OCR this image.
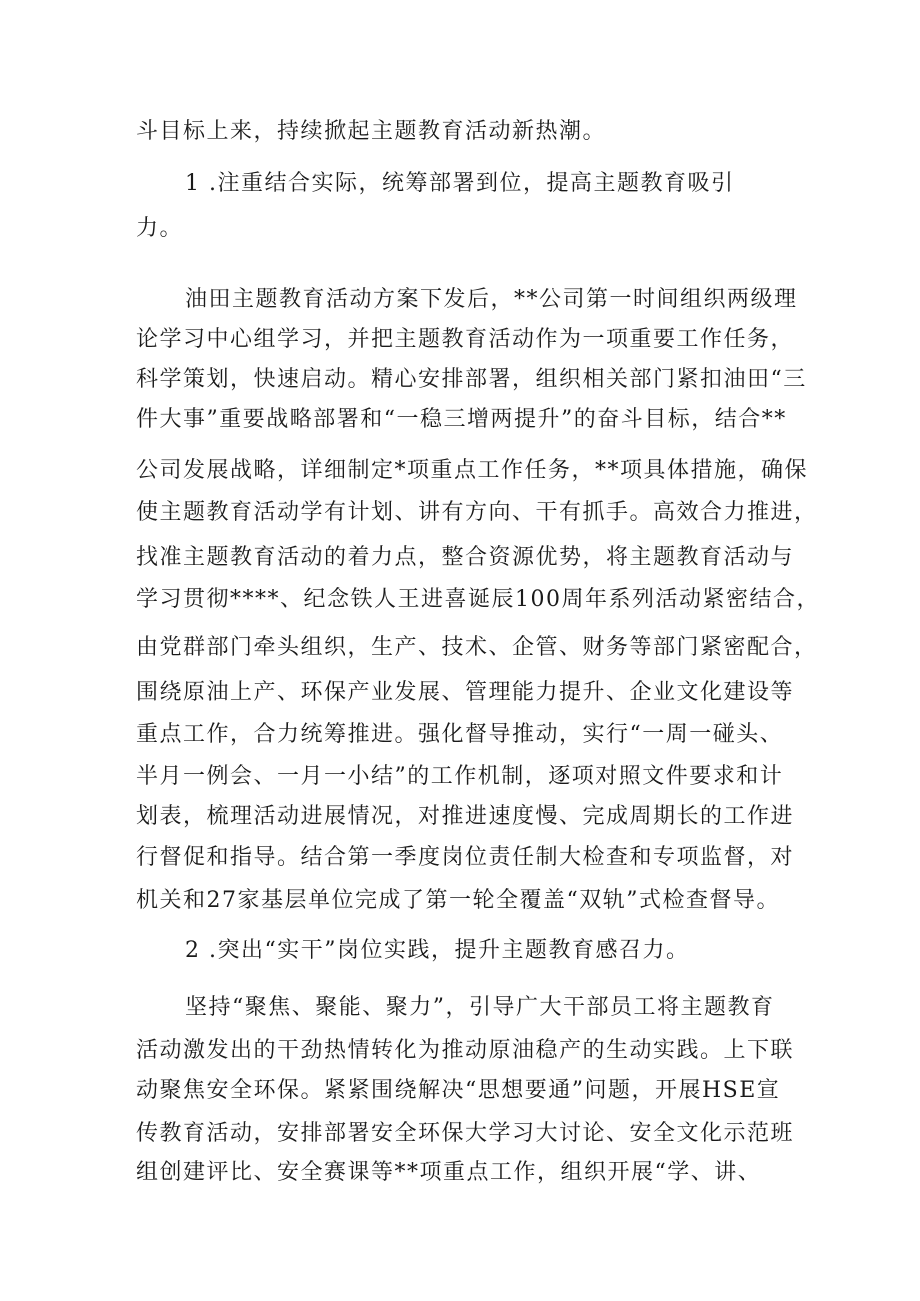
斗目标上来，持续掀起主题教育活动新热潮。
1 .注重结合实际，统筹部署到位，提高主题教育吸引
力。
油田主题教育活动方案下发后，**公司第一时间组织两级理
论学习中心组学习，并把主题教育活动作为一项重要工作任务，
科学策划，快速启动。精心安排部署，组织相关部门紧扣油田“三
件大事”重要战略部署和“一稳三增两提升”的奋斗目标，结合**
公司发展战略，详细制定*项重点工作任务，**项具体措施，确保
使主题教育活动学有计划、讲有方向、干有抓手。高效合力推进，
找准主题教育活动的着力点，整合资源优势，将主题教育活动与
学习贯彻****、纪念铁人王进喜诞辰100周年系列活动紧密结合，
由党群部门牵头组织，生产、技术、企管、财务等部门紧密配合，
围绕原油上产、环保产业发展、管理能力提升、企业文化建设等
重点工作，合力统筹推进。强化督导推动，实行“一周一碰头、
半月一例会、一月一小结”的工作机制，逐项对照文件要求和计
划表，梳理活动进展情况，对推进速度慢、完成周期长的工作进
行督促和指导。结合第一季度岗位责任制大检查和专项监督，对
机关和27家基层单位完成了第一轮全覆盖“双轨”式检查督导。
2 .突出“实干”岗位实践，提升主题教育感召力。
坚持“聚焦、聚能、聚力”，引导广大干部员工将主题教育
活动激发出的干劲热情转化为推动原油稳产的生动实践。上下联
动聚焦安全环保。紧紧围绕解决“思想要通”问题，开展HSE宣
传教育活动，安排部署安全环保大学习大讨论、安全文化示范班
组创建评比、安全赛课等**项重点工作，组织开展“学、讲、
